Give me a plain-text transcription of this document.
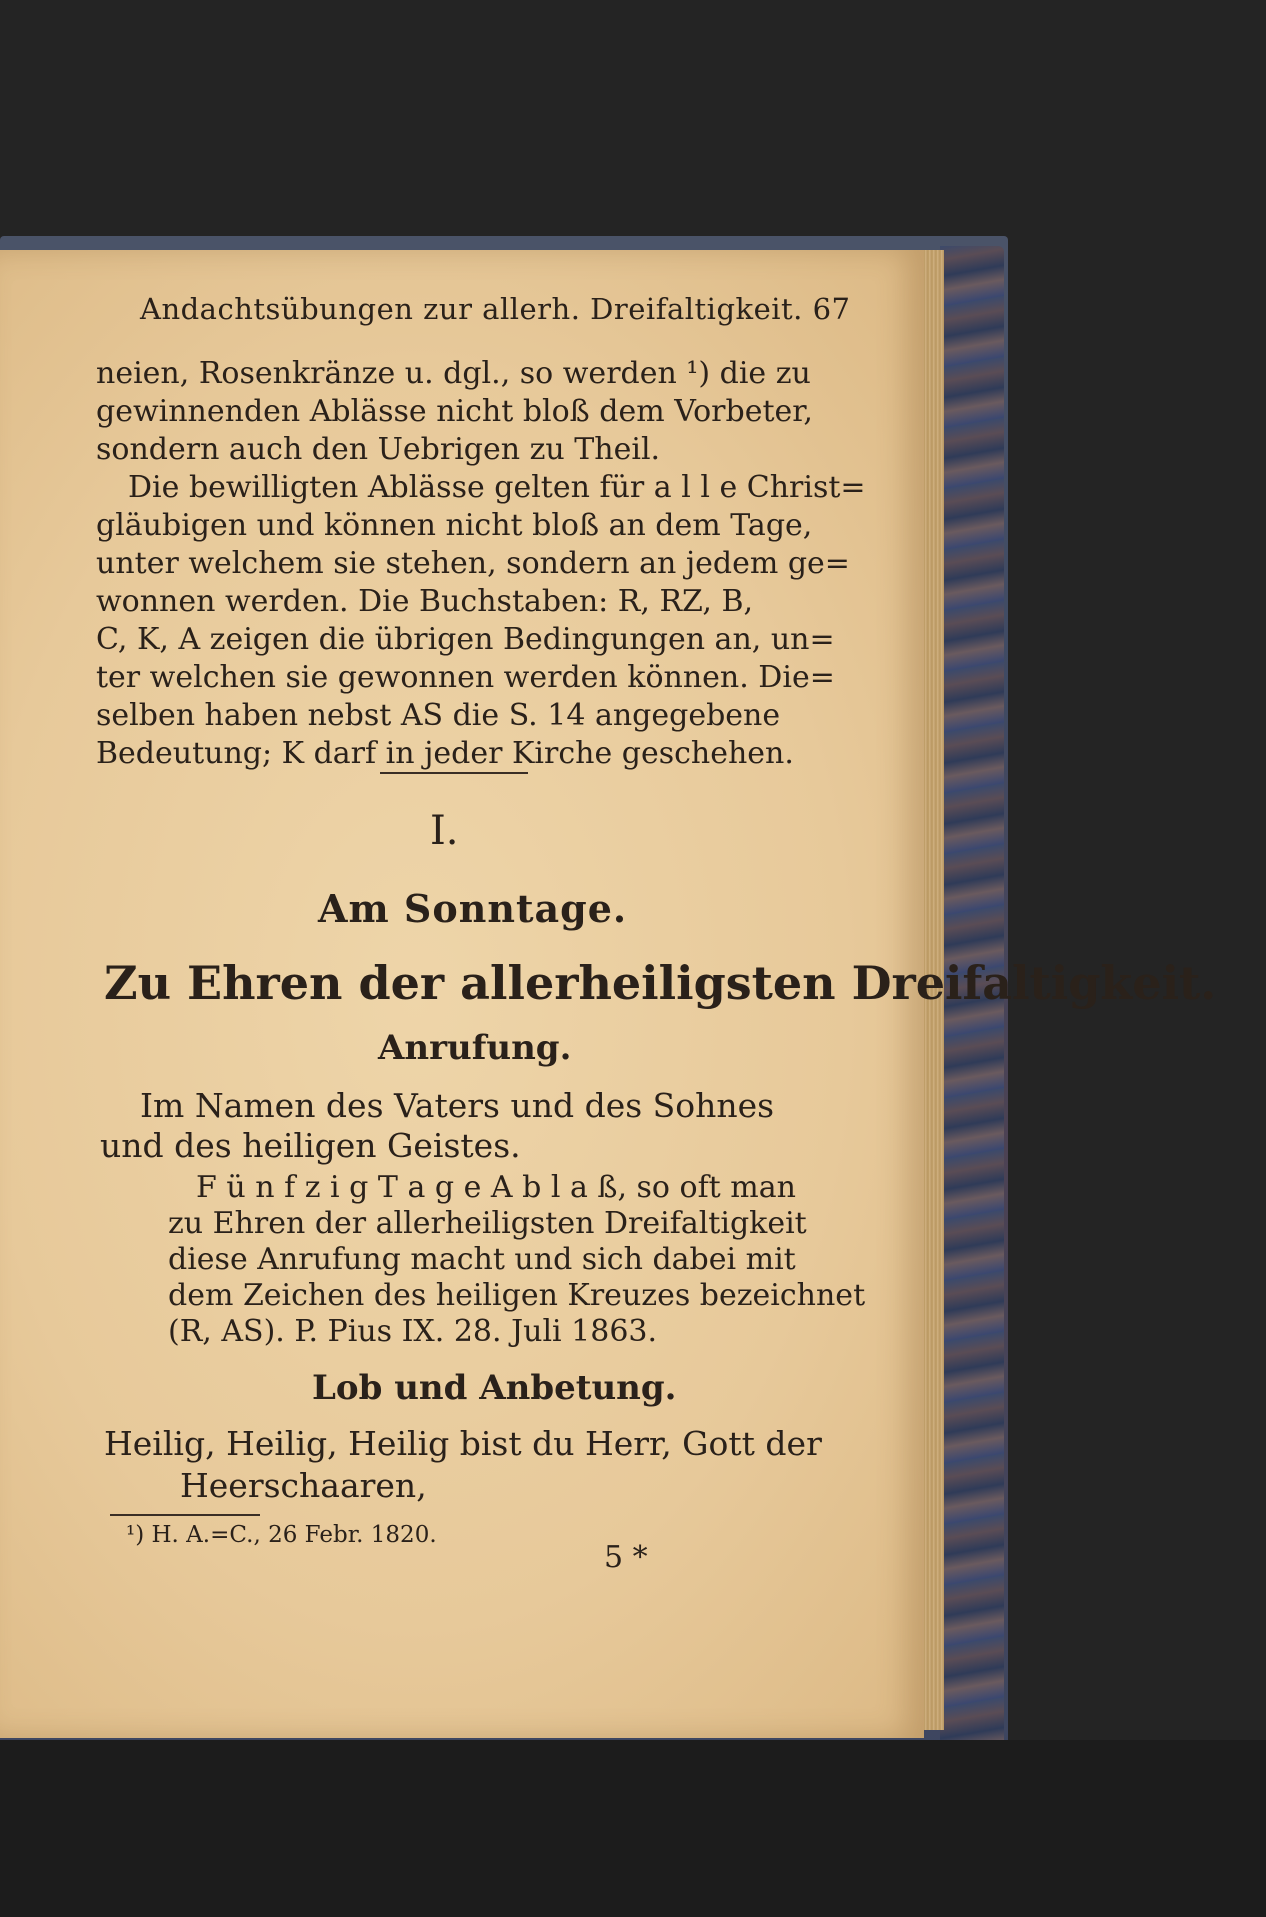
Andachtsübungen zur allerh. Dreifaltigkeit. 67
neien, Rosenkränze u. dgl., so werden ¹) die zu
gewinnenden Ablässe nicht bloß dem Vorbeter,
sondern auch den Uebrigen zu Theil.
Die bewilligten Ablässe gelten für a l l e Christ=
gläubigen und können nicht bloß an dem Tage,
unter welchem sie stehen, sondern an jedem ge=
wonnen werden. Die Buchstaben: R, RZ, B,
C, K, A zeigen die übrigen Bedingungen an, un=
ter welchen sie gewonnen werden können. Die=
selben haben nebst AS die S. 14 angegebene
Bedeutung; K darf in jeder Kirche geschehen.
I.
Am Sonntage.
Zu Ehren der allerheiligsten Dreifaltigkeit.
Anrufung.
Im Namen des Vaters und des Sohnes
und des heiligen Geistes.
F ü n f z i g T a g e A b l a ß, so oft man
zu Ehren der allerheiligsten Dreifaltigkeit
diese Anrufung macht und sich dabei mit
dem Zeichen des heiligen Kreuzes bezeichnet
(R, AS). P. Pius IX. 28. Juli 1863.
Lob und Anbetung.
Heilig, Heilig, Heilig bist du Herr, Gott der
Heerschaaren,
¹) H. A.=C., 26 Febr. 1820.
5 *
